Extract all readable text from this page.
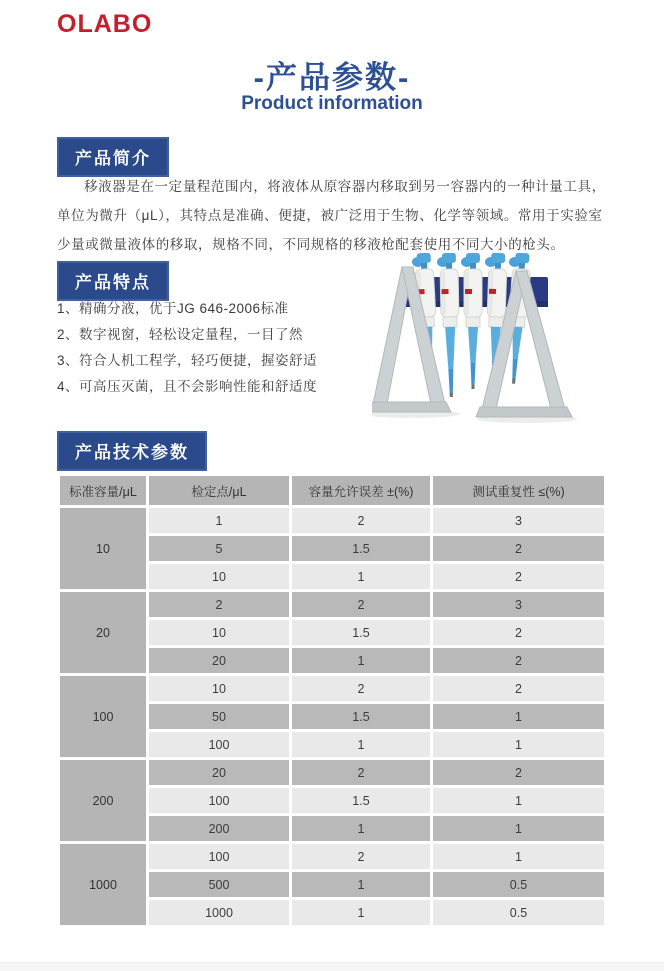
OLABO
-产品参数-
Product information
产品简介

移液器是在一定量程范围内，将液体从原容器内移取到另一容器内的一种计量工具，单位为微升（μL），其特点是准确、便捷，被广泛用于生物、化学等领域。常用于实验室少量或微量液体的移取，规格不同，不同规格的移液枪配套使用不同大小的枪头。

产品特点
1、精确分液，优于JG 646-2006标准
2、数字视窗，轻松设定量程，一目了然
3、符合人机工程学，轻巧便捷，握姿舒适
4、可高压灭菌，且不会影响性能和舒适度
产品技术参数
标准容量/μL	检定点/μL	容量允许误差 ±(%)	测试重复性 ≤(%)
10	1	2	3
	5	1.5	2
	10	1	2
20	2	2	3
	10	1.5	2
	20	1	2
100	10	2	2
	50	1.5	1
	100	1	1
200	20	2	2
	100	1.5	1
	200	1	1
1000	100	2	1
	500	1	0.5
	1000	1	0.5
